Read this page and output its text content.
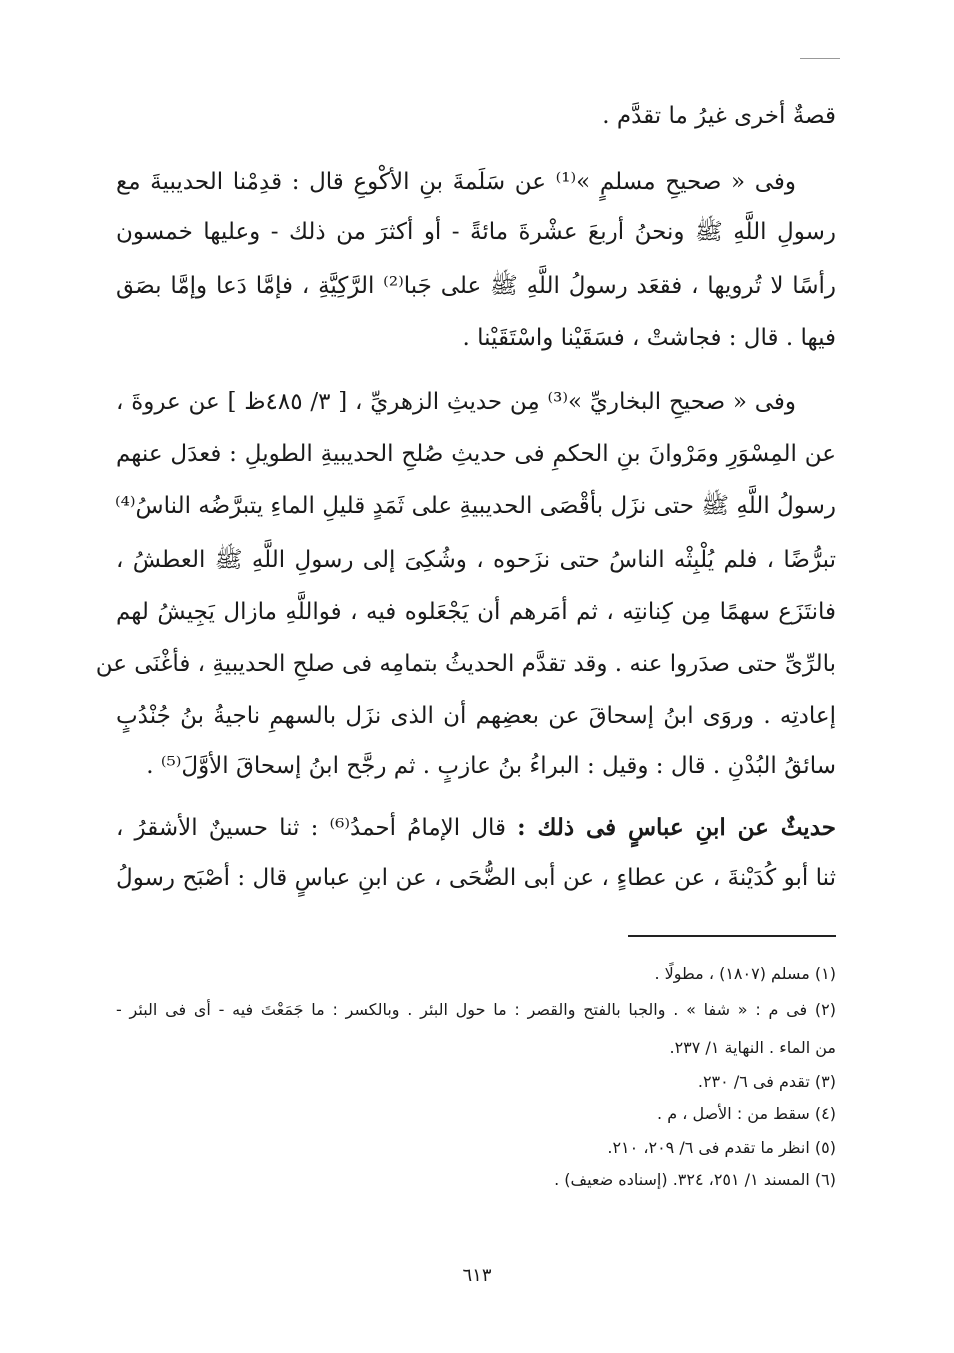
قصةٌ أخرى غيرُ ما تقدَّم .
وفى « صحيحِ مسلمٍ »⁽¹⁾ عن سَلَمةَ بنِ الأكْوعِ قال : قدِمْنا الحديبيةَ مع
رسولِ اللَّهِ ﷺ ونحنُ أربعَ عشْرةَ مائةً - أو أكثرَ من ذلك - وعليها خمسون
رأسًا لا تُرويها ، فقعَد رسولُ اللَّهِ ﷺ على جَبا⁽²⁾ الرَّكِيَّةِ ، فإمَّا دَعا وإمَّا بصَق
فيها . قال : فجاشتْ ، فسَقَيْنا واسْتَقَيْنا .
وفى « صحيحِ البخاريِّ »⁽³⁾ مِن حديثِ الزهريِّ ، [ ٣/ ٤٨٥ظ ] عن عروةَ ،
عن المِسْوَرِ ومَرْوانَ بنِ الحكمِ فى حديثِ صُلحِ الحديبيةِ الطويلِ : فعدَل عنهم
رسولُ اللَّهِ ﷺ حتى نزَل بأقْصَى الحديبيةِ على ثَمَدٍ قليلِ الماءِ يتبرَّضُه الناسُ⁽⁴⁾
تبرُّضًا ، فلم يُلْبِثْه الناسُ حتى نزَحوه ، وشُكِىَ إلى رسولِ اللَّهِ ﷺ العطشُ ،
فانتَزَع سهمًا مِن كِنانتِه ، ثم أمَرهم أن يَجْعَلوه فيه ، فواللَّهِ مازال يَجِيشُ لهم
بالرِّىِّ حتى صدَروا عنه . وقد تقدَّم الحديثُ بتمامِه فى صلحِ الحديبيةِ ، فأغْنَى عن
إعادتِه . وروَى ابنُ إسحاقَ عن بعضِهم أن الذى نزَل بالسهمِ ناجيةُ بنُ جُنْدُبٍ
سائقُ البُدْنِ . قال : وقيل : البراءُ بنُ عازبٍ . ثم رجَّح ابنُ إسحاقَ الأوَّلَ⁽⁵⁾ .
حديثٌ عن ابنِ عباسٍ فى ذلك : قال الإمامُ أحمدُ⁽⁶⁾ : ثنا حسينٌ الأشقرُ ،
ثنا أبو كُدَيْنةَ ، عن عطاءٍ ، عن أبى الضُّحَى ، عن ابنِ عباسٍ قال : أصْبَح رسولُ
(١) مسلم (١٨٠٧) ، مطولًا .
(٢) فى م : « شفا » . والجبا بالفتح والقصر : ما حول البئر . وبالكسر : ما جَمَعْتَ فيه - أى فى البئر -
من الماء . النهاية ١/ ٢٣٧.
(٣) تقدم فى ٦/ ٢٣٠.
(٤) سقط من : الأصل ، م .
(٥) انظر ما تقدم فى ٦/ ٢٠٩، ٢١٠.
(٦) المسند ١/ ٢٥١، ٣٢٤. (إسناده ضعيف) .
٦١٣
